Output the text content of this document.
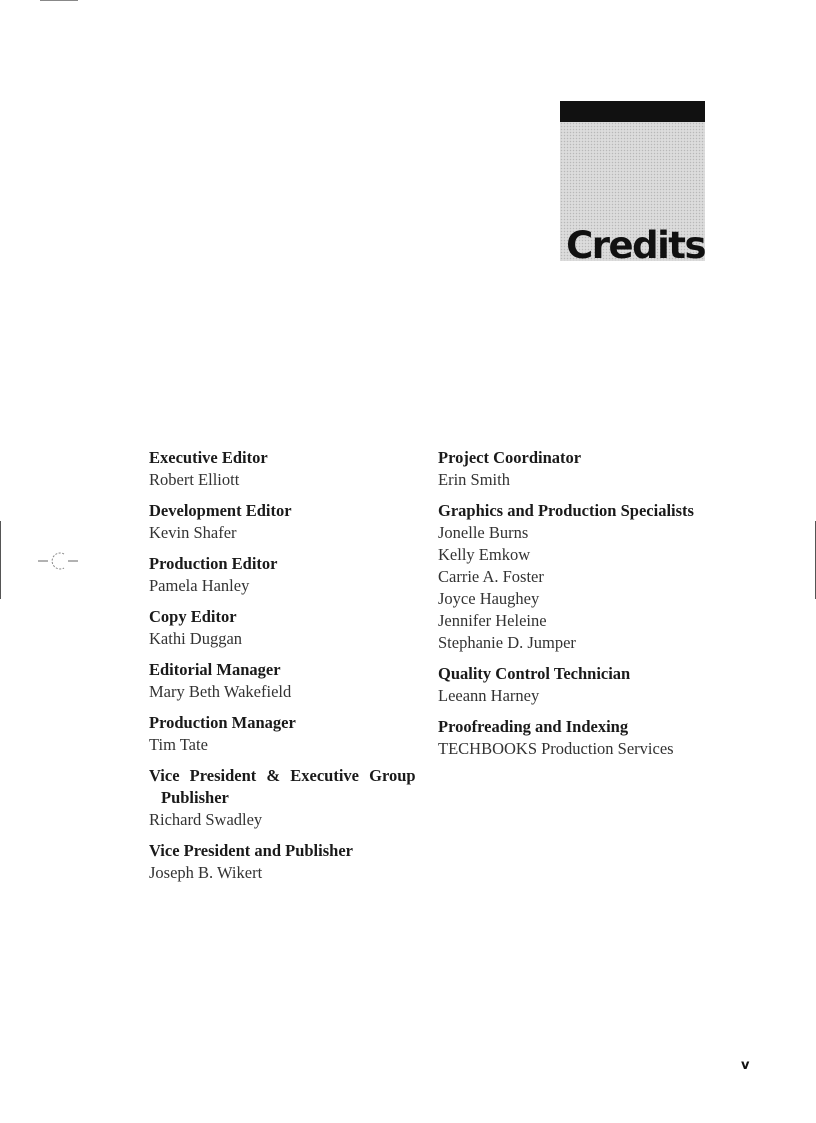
Credits
Executive Editor
Robert Elliott
Development Editor
Kevin Shafer
Production Editor
Pamela Hanley
Copy Editor
Kathi Duggan
Editorial Manager
Mary Beth Wakefield
Production Manager
Tim Tate
Vice President & Executive Group Publisher
Richard Swadley
Vice President and Publisher
Joseph B. Wikert
Project Coordinator
Erin Smith
Graphics and Production Specialists
Jonelle Burns
Kelly Emkow
Carrie A. Foster
Joyce Haughey
Jennifer Heleine
Stephanie D. Jumper
Quality Control Technician
Leeann Harney
Proofreading and Indexing
TECHBOOKS Production Services
v
